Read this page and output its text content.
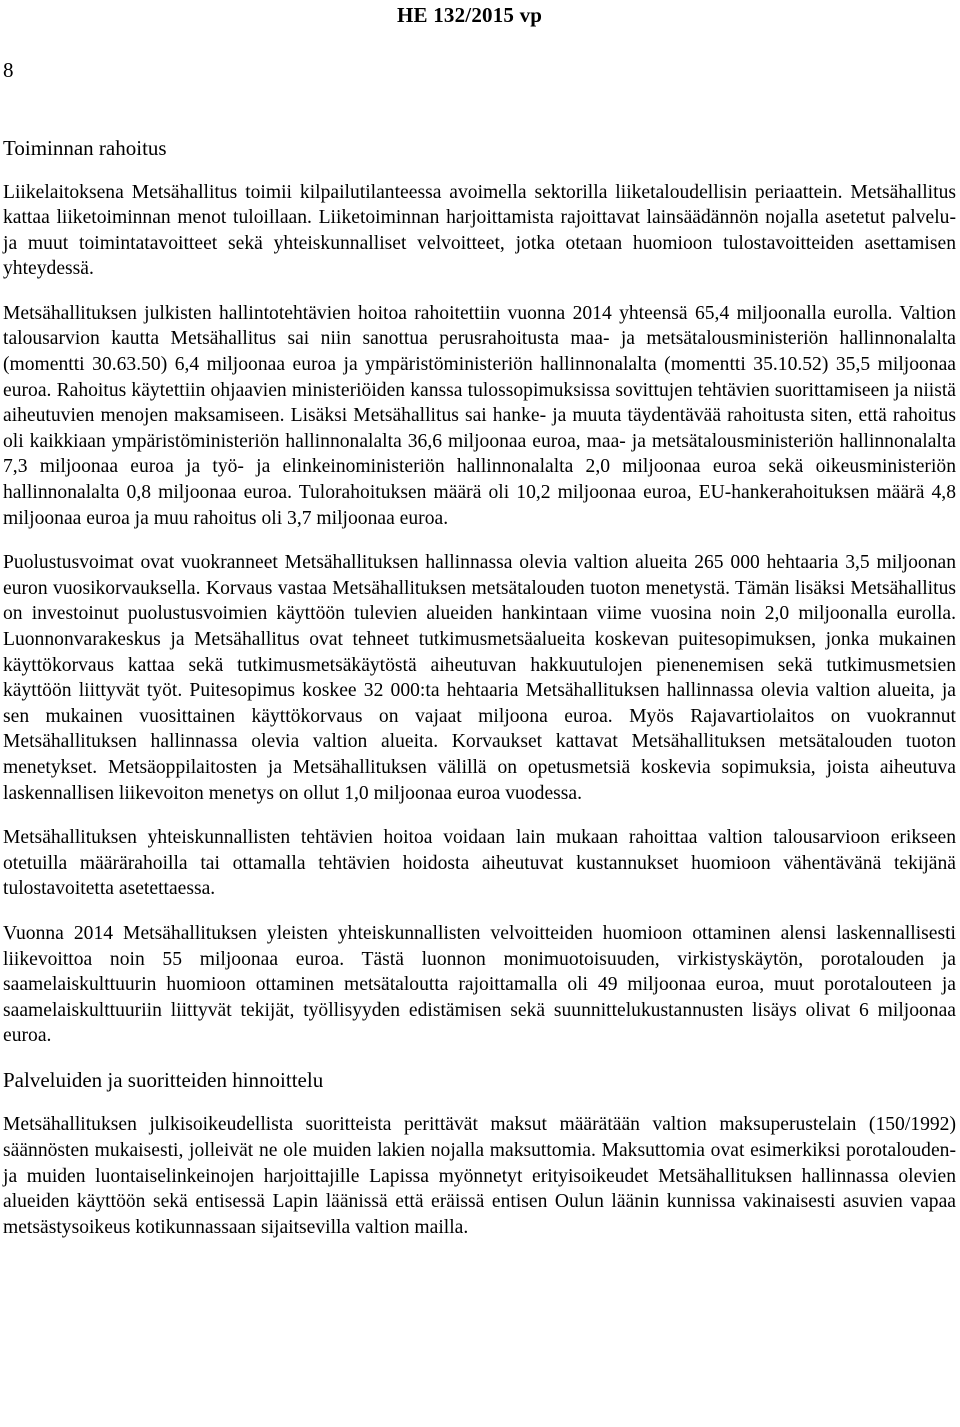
HE 132/2015 vp
8
Toiminnan rahoitus

Liikelaitoksena Metsähallitus toimii kilpailutilanteessa avoimella sektorilla liiketaloudellisin periaattein. Metsähallitus kattaa liiketoiminnan menot tuloillaan. Liiketoiminnan harjoittamista rajoittavat lainsäädännön nojalla asetetut palvelu- ja muut toimintatavoitteet sekä yhteiskunnalliset velvoitteet, jotka otetaan huomioon tulostavoitteiden asettamisen yhteydessä.

Metsähallituksen julkisten hallintotehtävien hoitoa rahoitettiin vuonna 2014 yhteensä 65,4 miljoonalla eurolla. Valtion talousarvion kautta Metsähallitus sai niin sanottua perusrahoitusta maa- ja metsätalousministeriön hallinnonalalta (momentti 30.63.50) 6,4 miljoonaa euroa ja ympäristöministeriön hallinnonalalta (momentti 35.10.52) 35,5 miljoonaa euroa. Rahoitus käytettiin ohjaavien ministeriöiden kanssa tulossopimuksissa sovittujen tehtävien suorittamiseen ja niistä aiheutuvien menojen maksamiseen. Lisäksi Metsähallitus sai hanke- ja muuta täydentävää rahoitusta siten, että rahoitus oli kaikkiaan ympäristöministeriön hallinnonalalta 36,6 miljoonaa euroa, maa- ja metsätalousministeriön hallinnonalalta 7,3 miljoonaa euroa ja työ- ja elinkeinoministeriön hallinnonalalta 2,0 miljoonaa euroa sekä oikeusministeriön hallinnonalalta 0,8 miljoonaa euroa. Tulorahoituksen määrä oli 10,2 miljoonaa euroa, EU-hankerahoituksen määrä 4,8 miljoonaa euroa ja muu rahoitus oli 3,7 miljoonaa euroa.

Puolustusvoimat ovat vuokranneet Metsähallituksen hallinnassa olevia valtion alueita 265 000 hehtaaria 3,5 miljoonan euron vuosikorvauksella. Korvaus vastaa Metsähallituksen metsätalouden tuoton menetystä. Tämän lisäksi Metsähallitus on investoinut puolustusvoimien käyttöön tulevien alueiden hankintaan viime vuosina noin 2,0 miljoonalla eurolla. Luonnonvarakeskus ja Metsähallitus ovat tehneet tutkimusmetsäalueita koskevan puitesopimuksen, jonka mukainen käyttökorvaus kattaa sekä tutkimusmetsäkäytöstä aiheutuvan hakkuutulojen pienenemisen sekä tutkimusmetsien käyttöön liittyvät työt. Puitesopimus koskee 32 000:ta hehtaaria Metsähallituksen hallinnassa olevia valtion alueita, ja sen mukainen vuosittainen käyttökorvaus on vajaat miljoona euroa. Myös Rajavartiolaitos on vuokrannut Metsähallituksen hallinnassa olevia valtion alueita. Korvaukset kattavat Metsähallituksen metsätalouden tuoton menetykset. Metsäoppilaitosten ja Metsähallituksen välillä on opetusmetsiä koskevia sopimuksia, joista aiheutuva laskennallisen liikevoiton menetys on ollut 1,0 miljoonaa euroa vuodessa.

Metsähallituksen yhteiskunnallisten tehtävien hoitoa voidaan lain mukaan rahoittaa valtion talousarvioon erikseen otetuilla määrärahoilla tai ottamalla tehtävien hoidosta aiheutuvat kustannukset huomioon vähentävänä tekijänä tulostavoitetta asetettaessa.

Vuonna 2014 Metsähallituksen yleisten yhteiskunnallisten velvoitteiden huomioon ottaminen alensi laskennallisesti liikevoittoa noin 55 miljoonaa euroa. Tästä luonnon monimuotoisuuden, virkistyskäytön, porotalouden ja saamelaiskulttuurin huomioon ottaminen metsätaloutta rajoittamalla oli 49 miljoonaa euroa, muut porotalouteen ja saamelaiskulttuuriin liittyvät tekijät, työllisyyden edistämisen sekä suunnittelukustannusten lisäys olivat 6 miljoonaa euroa.

Palveluiden ja suoritteiden hinnoittelu

Metsähallituksen julkisoikeudellista suoritteista perittävät maksut määrätään valtion maksuperustelain (150/1992) säännösten mukaisesti, jolleivät ne ole muiden lakien nojalla maksuttomia. Maksuttomia ovat esimerkiksi porotalouden- ja muiden luontaiselinkeinojen harjoittajille Lapissa myönnetyt erityisoikeudet Metsähallituksen hallinnassa olevien alueiden käyttöön sekä entisessä Lapin läänissä että eräissä entisen Oulun läänin kunnissa vakinaisesti asuvien vapaa metsästysoikeus kotikunnassaan sijaitsevilla valtion mailla.
